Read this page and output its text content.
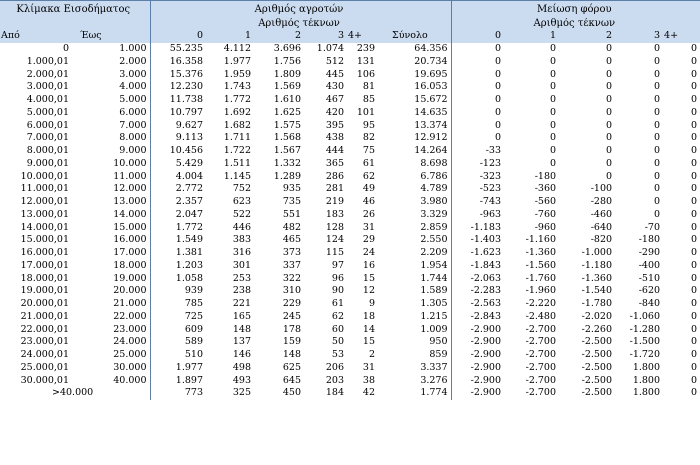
Κλίμακα Εισοδήματος		Αριθμός αγροτών						Μείωση φόρου				
		Αριθμός τέκνων						Αριθμός τέκνων				
Από	Έως	0	1	2	3	4+	Σύνολο	0	1	2	3	4+
0	1.000	55.235	4.112	3.696	1.074	239	64.356	0	0	0	0	0
1.000,01	2.000	16.358	1.977	1.756	512	131	20.734	0	0	0	0	0
2.000,01	3.000	15.376	1.959	1.809	445	106	19.695	0	0	0	0	0
3.000,01	4.000	12.230	1.743	1.569	430	81	16.053	0	0	0	0	0
4.000,01	5.000	11.738	1.772	1.610	467	85	15.672	0	0	0	0	0
5.000,01	6.000	10.797	1.692	1.625	420	101	14.635	0	0	0	0	0
6.000,01	7.000	9.627	1.682	1.575	395	95	13.374	0	0	0	0	0
7.000,01	8.000	9.113	1.711	1.568	438	82	12.912	0	0	0	0	0
8.000,01	9.000	10.456	1.722	1.567	444	75	14.264	-33	0	0	0	0
9.000,01	10.000	5.429	1.511	1.332	365	61	8.698	-123	0	0	0	0
10.000,01	11.000	4.004	1.145	1.289	286	62	6.786	-323	-180	0	0	0
11.000,01	12.000	2.772	752	935	281	49	4.789	-523	-360	-100	0	0
12.000,01	13.000	2.357	623	735	219	46	3.980	-743	-560	-280	0	0
13.000,01	14.000	2.047	522	551	183	26	3.329	-963	-760	-460	0	0
14.000,01	15.000	1.772	446	482	128	31	2.859	-1.183	-960	-640	-70	0
15.000,01	16.000	1.549	383	465	124	29	2.550	-1.403	-1.160	-820	-180	0
16.000,01	17.000	1.381	316	373	115	24	2.209	-1.623	-1.360	-1.000	-290	0
17.000,01	18.000	1.203	301	337	97	16	1.954	-1.843	-1.560	-1.180	-400	0
18.000,01	19.000	1.058	253	322	96	15	1.744	-2.063	-1.760	-1.360	-510	0
19.000,01	20.000	939	238	310	90	12	1.589	-2.283	-1.960	-1.540	-620	0
20.000,01	21.000	785	221	229	61	9	1.305	-2.563	-2.220	-1.780	-840	0
21.000,01	22.000	725	165	245	62	18	1.215	-2.843	-2.480	-2.020	-1.060	0
22.000,01	23.000	609	148	178	60	14	1.009	-2.900	-2.700	-2.260	-1.280	0
23.000,01	24.000	589	137	159	50	15	950	-2.900	-2.700	-2.500	-1.500	0
24.000,01	25.000	510	146	148	53	2	859	-2.900	-2.700	-2.500	-1.720	0
25.000,01	30.000	1.977	498	625	206	31	3.337	-2.900	-2.700	-2.500	1.800	0
30.000,01	40.000	1.897	493	645	203	38	3.276	-2.900	-2.700	-2.500	1.800	0
>40.000		773	325	450	184	42	1.774	-2.900	-2.700	-2.500	1.800	0
